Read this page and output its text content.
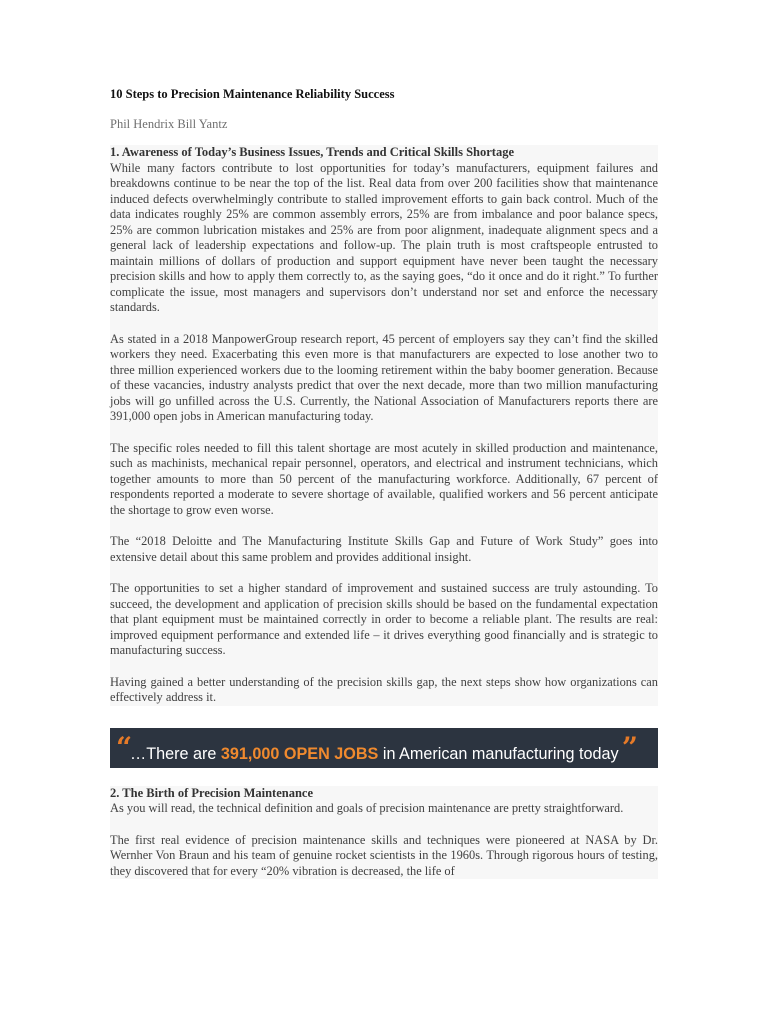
10 Steps to Precision Maintenance Reliability Success
Phil Hendrix Bill Yantz
1. Awareness of Today’s Business Issues, Trends and Critical Skills Shortage

While many factors contribute to lost opportunities for today’s manufacturers, equipment failures and breakdowns continue to be near the top of the list. Real data from over 200 facilities show that maintenance induced defects overwhelmingly contribute to stalled improvement efforts to gain back control. Much of the data indicates roughly 25% are common assembly errors, 25% are from imbalance and poor balance specs, 25% are common lubrication mistakes and 25% are from poor alignment, inadequate alignment specs and a general lack of leadership expectations and follow-up. The plain truth is most craftspeople entrusted to maintain millions of dollars of production and support equipment have never been taught the necessary precision skills and how to apply them correctly to, as the saying goes, “do it once and do it right.” To further complicate the issue, most managers and supervisors don’t understand nor set and enforce the necessary standards.

As stated in a 2018 ManpowerGroup research report, 45 percent of employers say they can’t find the skilled workers they need. Exacerbating this even more is that manufacturers are expected to lose another two to three million experienced workers due to the looming retirement within the baby boomer generation. Because of these vacancies, industry analysts predict that over the next decade, more than two million manufacturing jobs will go unfilled across the U.S. Currently, the National Association of Manufacturers reports there are 391,000 open jobs in American manufacturing today.

The specific roles needed to fill this talent shortage are most acutely in skilled production and maintenance, such as machinists, mechanical repair personnel, operators, and electrical and instrument technicians, which together amounts to more than 50 percent of the manufacturing workforce. Additionally, 67 percent of respondents reported a moderate to severe shortage of available, qualified workers and 56 percent anticipate the shortage to grow even worse.

The “2018 Deloitte and The Manufacturing Institute Skills Gap and Future of Work Study” goes into extensive detail about this same problem and provides additional insight.

The opportunities to set a higher standard of improvement and sustained success are truly astounding. To succeed, the development and application of precision skills should be based on the fundamental expectation that plant equipment must be maintained correctly in order to become a reliable plant. The results are real: improved equipment performance and extended life – it drives everything good financially and is strategic to manufacturing success.

Having gained a better understanding of the precision skills gap, the next steps show how organizations can effectively address it.

“
…There are 391,000 OPEN JOBS in American manufacturing today ”
2. The Birth of Precision Maintenance

As you will read, the technical definition and goals of precision maintenance are pretty straightforward.

The first real evidence of precision maintenance skills and techniques were pioneered at NASA by Dr. Wernher Von Braun and his team of genuine rocket scientists in the 1960s. Through rigorous hours of testing, they discovered that for every “20% vibration is decreased, the life of
